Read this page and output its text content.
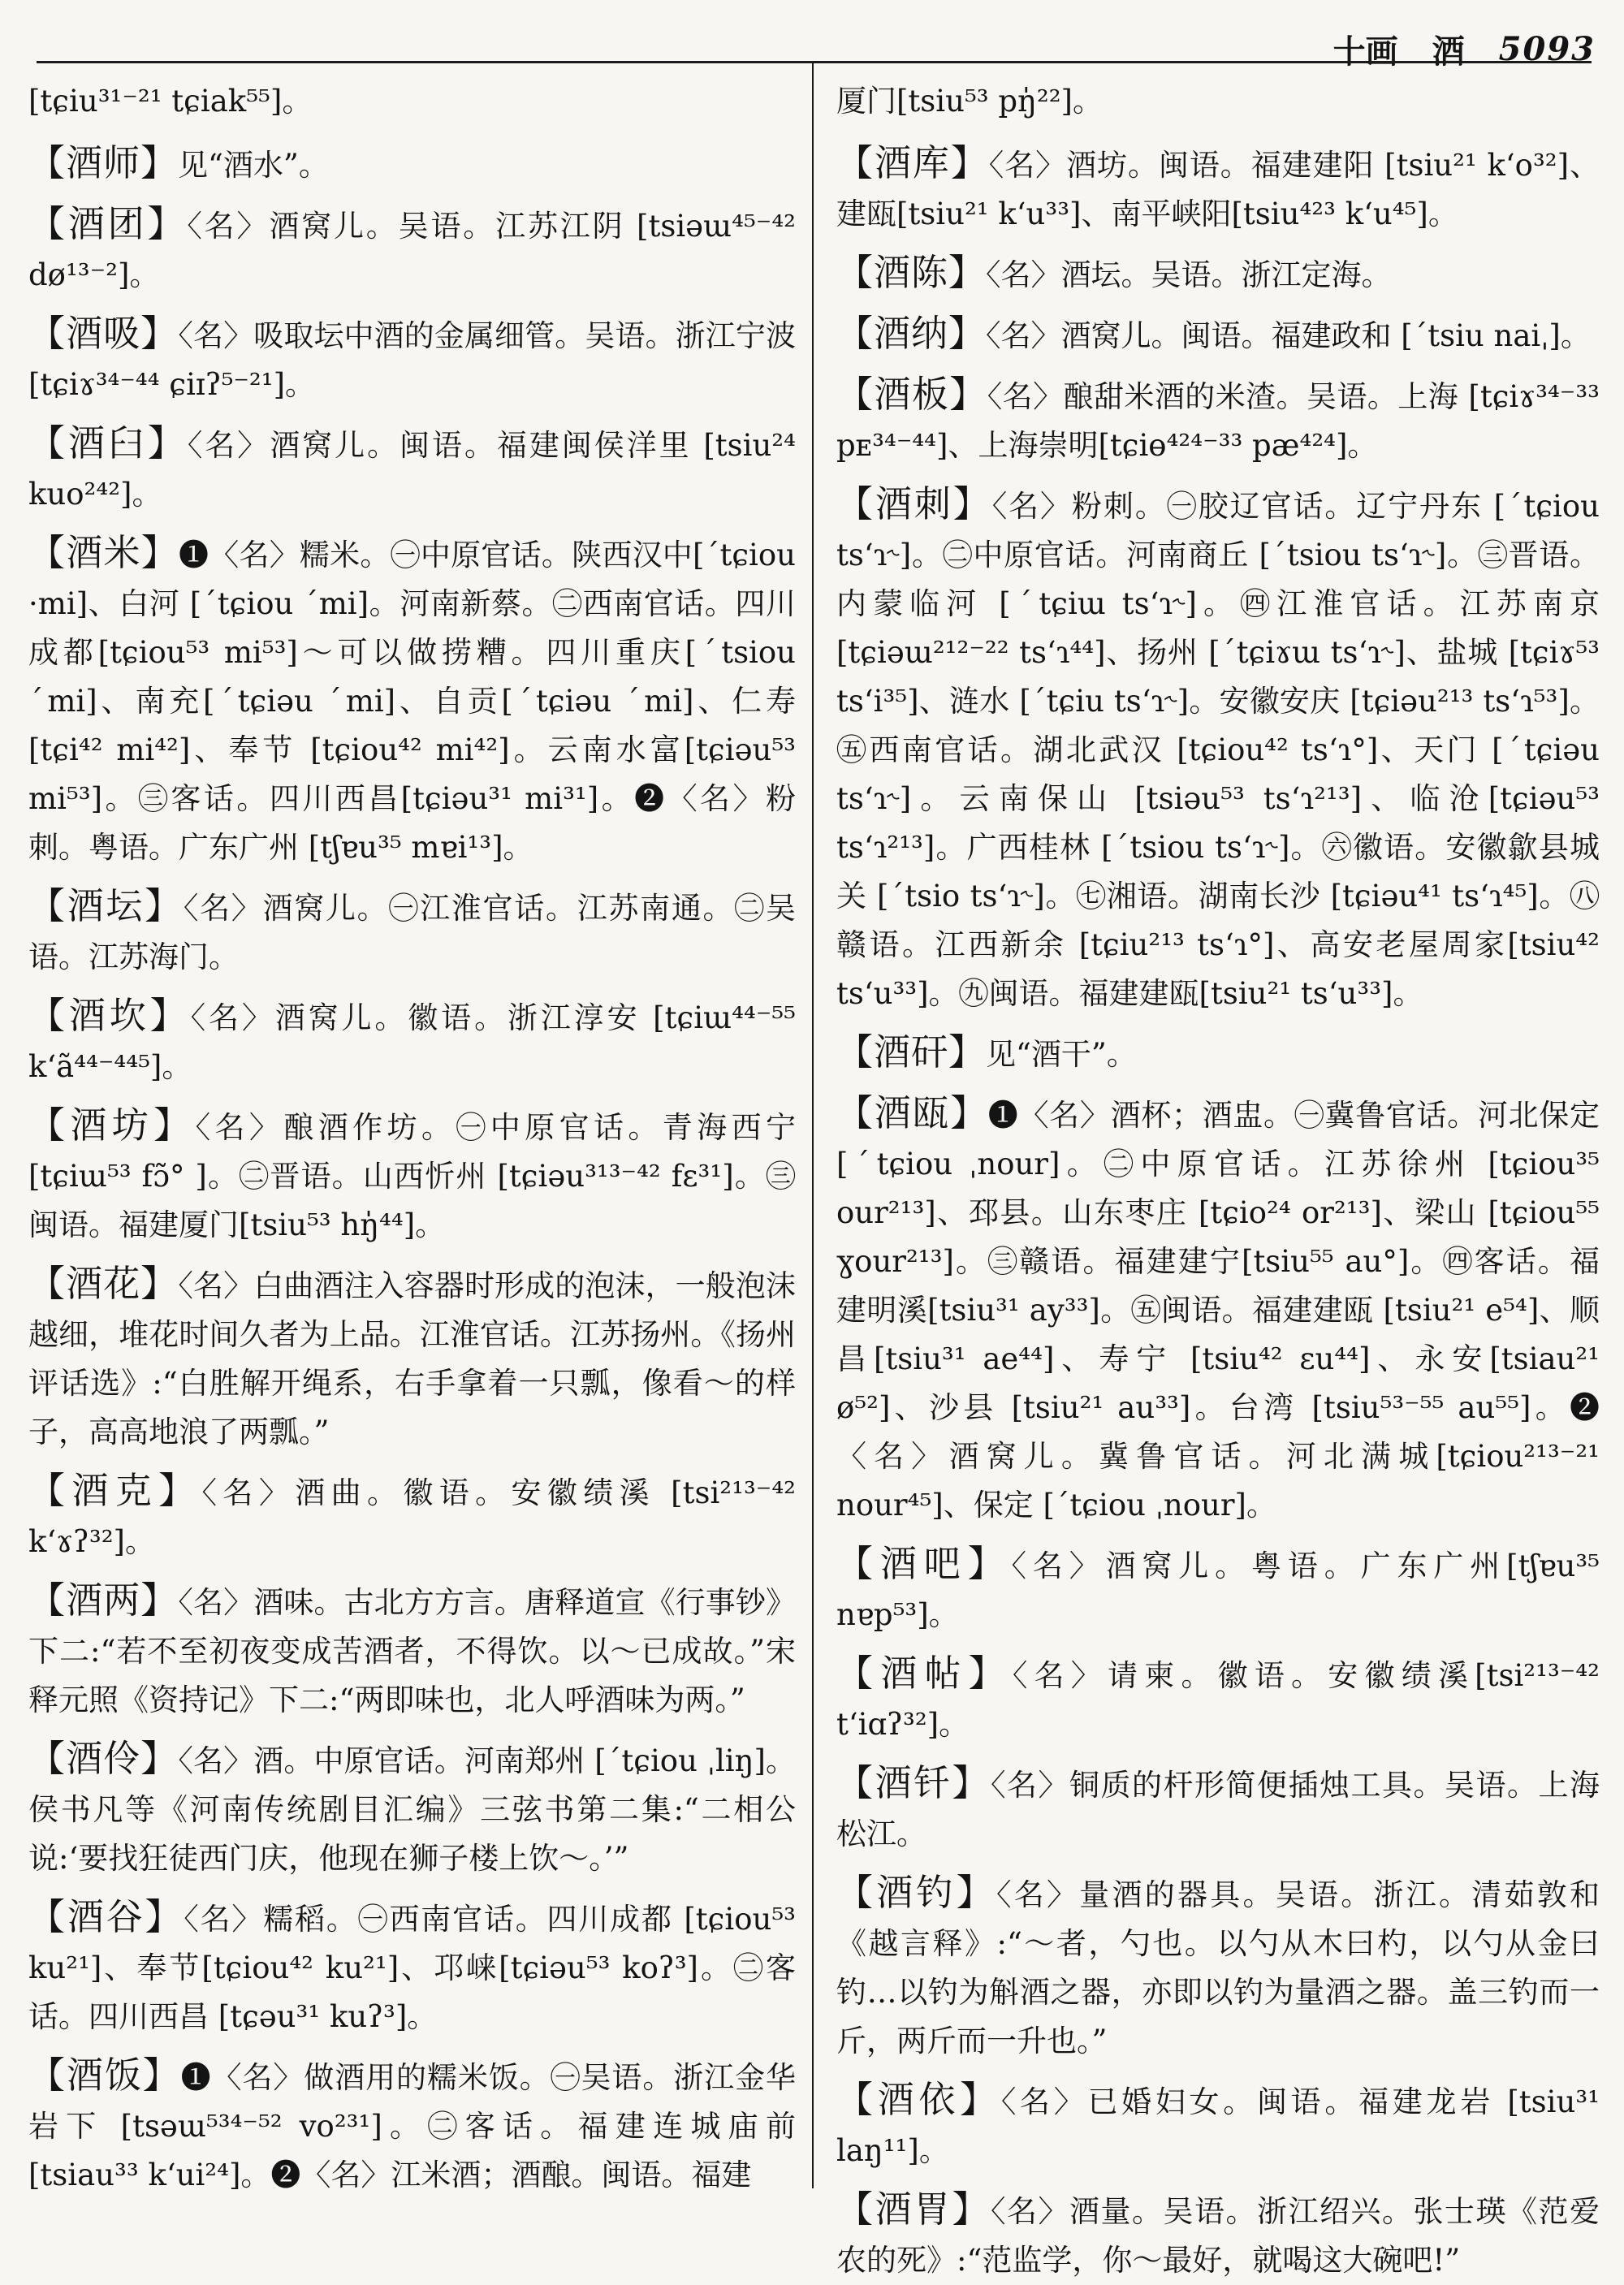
十画 酒 5093

[tɕiu³¹⁻²¹ tɕiak⁵⁵]。

【酒师】见“酒水”。

【酒团】〈名〉酒窝儿。吴语。江苏江阴 [tsiəɯ⁴⁵⁻⁴² dø¹³⁻²]。

【酒吸】〈名〉吸取坛中酒的金属细管。吴语。浙江宁波 [tɕiɤ³⁴⁻⁴⁴ ɕiɪʔ⁵⁻²¹]。

【酒臼】〈名〉酒窝儿。闽语。福建闽侯洋里 [tsiu²⁴ kuo²⁴²]。

【酒米】❶〈名〉糯米。㊀中原官话。陕西汉中[ˊtɕiou ·mi]、白河 [ˊtɕiou ˊmi]。河南新蔡。㊁西南官话。四川成都[tɕiou⁵³ mi⁵³]～可以做捞糟。四川重庆[ˊtsiou ˊmi]、南充[ˊtɕiəu ˊmi]、自贡[ˊtɕiəu ˊmi]、仁寿 [tɕi⁴² mi⁴²]、奉节 [tɕiou⁴² mi⁴²]。云南水富[tɕiəu⁵³ mi⁵³]。㊂客话。四川西昌[tɕiəu³¹ mi³¹]。❷〈名〉粉刺。粤语。广东广州 [tʃɐu³⁵ mɐi¹³]。

【酒坛】〈名〉酒窝儿。㊀江淮官话。江苏南通。㊁吴语。江苏海门。

【酒坎】〈名〉酒窝儿。徽语。浙江淳安 [tɕiɯ⁴⁴⁻⁵⁵ kʻã⁴⁴⁻⁴⁴⁵]。

【酒坊】〈名〉酿酒作坊。㊀中原官话。青海西宁[tɕiɯ⁵³ fɔ̃° ]。㊁晋语。山西忻州 [tɕiəu³¹³⁻⁴² fɛ³¹]。㊂闽语。福建厦门[tsiu⁵³ hŋ̍⁴⁴]。

【酒花】〈名〉白曲酒注入容器时形成的泡沫，一般泡沫越细，堆花时间久者为上品。江淮官话。江苏扬州。《扬州评话选》:“白胜解开绳系，右手拿着一只瓢，像看～的样子，高高地浪了两瓢。”

【酒克】〈名〉酒曲。徽语。安徽绩溪 [tsi²¹³⁻⁴² kʻɤʔ³²]。

【酒两】〈名〉酒味。古北方方言。唐释道宣《行事钞》下二:“若不至初夜变成苦酒者，不得饮。以～已成故。”宋释元照《资持记》下二:“两即味也，北人呼酒味为两。”

【酒伶】〈名〉酒。中原官话。河南郑州 [ˊtɕiou ˌliŋ]。侯书凡等《河南传统剧目汇编》三弦书第二集:“二相公说:‘要找狂徒西门庆，他现在狮子楼上饮～。’”

【酒谷】〈名〉糯稻。㊀西南官话。四川成都 [tɕiou⁵³ ku²¹]、奉节[tɕiou⁴² ku²¹]、邛崃[tɕiəu⁵³ koʔ³]。㊁客话。四川西昌 [tɕəu³¹ kuʔ³]。

【酒饭】❶〈名〉做酒用的糯米饭。㊀吴语。浙江金华岩下 [tsəɯ⁵³⁴⁻⁵² vo²³¹]。㊁客话。福建连城庙前 [tsiau³³ kʻui²⁴]。❷〈名〉江米酒；酒酿。闽语。福建

厦门[tsiu⁵³ pŋ̍²²]。

【酒库】〈名〉酒坊。闽语。福建建阳 [tsiu²¹ kʻo³²]、建瓯[tsiu²¹ kʻu³³]、南平峡阳[tsiu⁴²³ kʻu⁴⁵]。

【酒陈】〈名〉酒坛。吴语。浙江定海。

【酒纳】〈名〉酒窝儿。闽语。福建政和 [ˊtsiu naiˌ]。

【酒板】〈名〉酿甜米酒的米渣。吴语。上海 [tɕiɤ³⁴⁻³³ pᴇ³⁴⁻⁴⁴]、上海崇明[tɕiɵ⁴²⁴⁻³³ pæ⁴²⁴]。

【酒刺】〈名〉粉刺。㊀胶辽官话。辽宁丹东 [ˊtɕiou tsʻɿ˞]。㊁中原官话。河南商丘 [ˊtsiou tsʻɿ˞]。㊂晋语。内蒙临河 [ˊtɕiɯ tsʻɿ˞]。㊃江淮官话。江苏南京[tɕiəɯ²¹²⁻²² tsʻɿ⁴⁴]、扬州 [ˊtɕiɤɯ tsʻɿ˞]、盐城 [tɕiɤ⁵³ tsʻi³⁵]、涟水 [ˊtɕiu tsʻɿ˞]。安徽安庆 [tɕiəu²¹³ tsʻɿ⁵³]。㊄西南官话。湖北武汉 [tɕiou⁴² tsʻɿ°]、天门 [ˊtɕiəu tsʻɿ˞]。云南保山 [tsiəu⁵³ tsʻɿ²¹³]、临沧[tɕiəu⁵³ tsʻɿ²¹³]。广西桂林 [ˊtsiou tsʻɿ˞]。㊅徽语。安徽歙县城关 [ˊtsio tsʻɿ˞]。㊆湘语。湖南长沙 [tɕiəu⁴¹ tsʻɿ⁴⁵]。㊇赣语。江西新余 [tɕiu²¹³ tsʻɿ°]、高安老屋周家[tsiu⁴² tsʻu³³]。㊈闽语。福建建瓯[tsiu²¹ tsʻu³³]。

【酒矸】见“酒干”。

【酒瓯】❶〈名〉酒杯；酒盅。㊀冀鲁官话。河北保定 [ˊtɕiou ˌnour]。㊁中原官话。江苏徐州 [tɕiou³⁵ our²¹³]、邳县。山东枣庄 [tɕio²⁴ or²¹³]、梁山 [tɕiou⁵⁵ ɣour²¹³]。㊂赣语。福建建宁[tsiu⁵⁵ au°]。㊃客话。福建明溪[tsiu³¹ ay³³]。㊄闽语。福建建瓯 [tsiu²¹ e⁵⁴]、顺昌[tsiu³¹ ae⁴⁴]、寿宁 [tsiu⁴² ɛu⁴⁴]、永安[tsiau²¹ ø⁵²]、沙县 [tsiu²¹ au³³]。台湾 [tsiu⁵³⁻⁵⁵ au⁵⁵]。❷〈名〉酒窝儿。冀鲁官话。河北满城[tɕiou²¹³⁻²¹ nour⁴⁵]、保定 [ˊtɕiou ˌnour]。

【酒吧】〈名〉酒窝儿。粤语。广东广州[tʃɐu³⁵ nɐp⁵³]。

【酒帖】〈名〉请柬。徽语。安徽绩溪[tsi²¹³⁻⁴² tʻiɑʔ³²]。

【酒钎】〈名〉铜质的杆形简便插烛工具。吴语。上海松江。

【酒钓】〈名〉量酒的器具。吴语。浙江。清茹敦和《越言释》:“～者，勺也。以勺从木曰杓，以勺从金曰钓…以钓为斛酒之器，亦即以钓为量酒之器。盖三钓而一斤，两斤而一升也。”

【酒依】〈名〉已婚妇女。闽语。福建龙岩 [tsiu³¹ laŋ¹¹]。

【酒胃】〈名〉酒量。吴语。浙江绍兴。张士瑛《范爱农的死》:“范监学，你～最好，就喝这大碗吧!”
